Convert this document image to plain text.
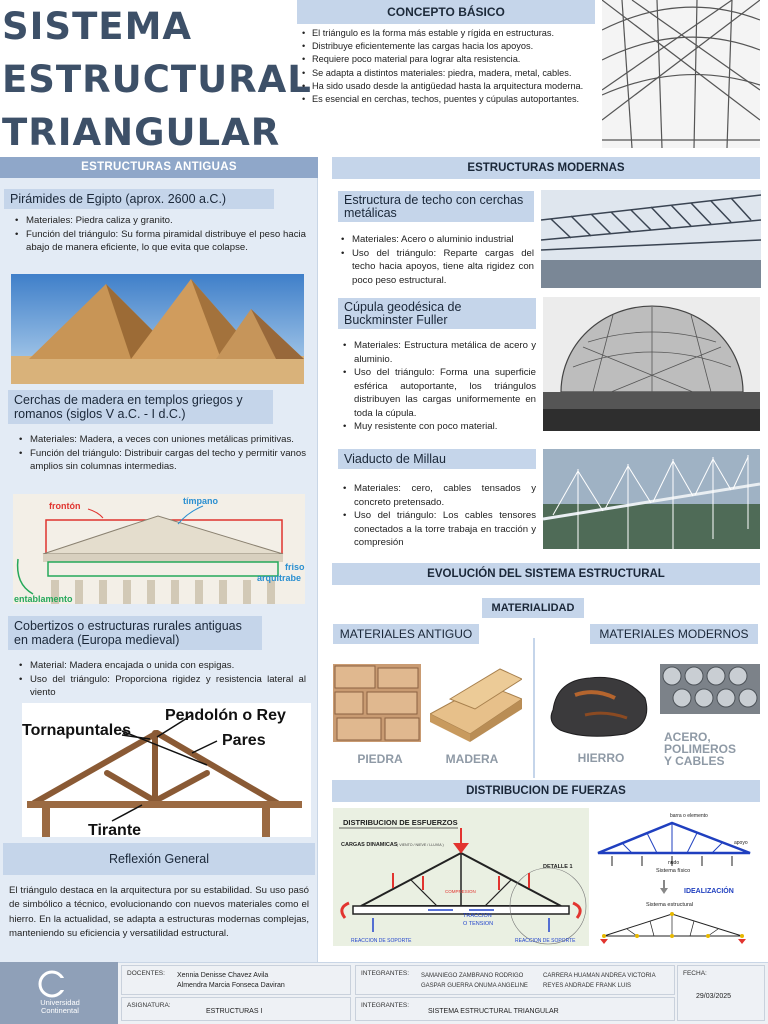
SISTEMA
ESTRUCTURAL
TRIANGULAR
CONCEPTO BÁSICO
• El triángulo es la forma más estable y rígida en estructuras.
• Distribuye eficientemente las cargas hacia los apoyos.
• Requiere poco material para lograr alta resistencia.
• Se adapta a distintos materiales: piedra, madera, metal, cables.
• Ha sido usado desde la antigüedad hasta la arquitectura moderna.
• Es esencial en cerchas, techos, puentes y cúpulas autoportantes.
ESTRUCTURAS ANTIGUAS
Pirámides de Egipto (aprox. 2600 a.C.)
• Materiales: Piedra caliza y granito.
• Función del triángulo: Su forma piramidal distribuye el peso hacia abajo de manera eficiente, lo que evita que colapse.
Cerchas de madera en templos griegos y romanos (siglos V a.C. - I d.C.)
• Materiales: Madera, a veces con uniones metálicas primitivas.
• Función del triángulo: Distribuir cargas del techo y permitir vanos amplios sin columnas intermedias.
frontón	tímpano
friso
arquitrabe
entablamento
Cobertizos o estructuras rurales antiguas en madera (Europa medieval)
• Material: Madera encajada o unida con espigas.
• Uso del triángulo: Proporciona rigidez y resistencia lateral al viento
Pendolón o Rey
Tornapuntales
Pares
Tirante
Reflexión General
El triángulo destaca en la arquitectura por su estabilidad. Su uso pasó de simbólico a técnico, evolucionando con nuevos materiales como el hierro. En la actualidad, se adapta a estructuras modernas complejas, manteniendo su eficiencia y versatilidad estructural.
ESTRUCTURAS MODERNAS
Estructura de techo con cerchas metálicas
• Materiales: Acero o aluminio industrial
• Uso del triángulo: Reparte cargas del techo hacia apoyos, tiene alta rigidez con poco peso estructural.
Cúpula geodésica de Buckminster Fuller
• Materiales: Estructura metálica de acero y aluminio.
• Uso del triángulo: Forma una superficie esférica autoportante, los triángulos distribuyen las cargas uniformemente en toda la cúpula.
• Muy resistente con poco material.
Viaducto de Millau
• Materiales: cero, cables tensados y concreto pretensado.
• Uso del triángulo: Los cables tensores conectados a la torre trabaja en tracción y compresión
EVOLUCIÓN DEL SISTEMA ESTRUCTURAL
MATERIALIDAD
MATERIALES ANTIGUO	MATERIALES MODERNOS
PIEDRA	MADERA	HIERRO
ACERO, POLIMEROS Y CABLES
DISTRIBUCION DE FUERZAS
DISTRIBUCION DE ESFUERZOS
CARGAS DINAMICAS ( VIENTO / NIEVE / LLUVIA )
DETALLE 1
COMPRESION
TRACCION
O TENSION
REACCION DE SOPORTE	REACCION DE SOPORTE
barra o elemento
apoyo
nudo
Sistema físico
IDEALIZACIÓN
Sistema estructural
Universidad
Continental
DOCENTES: Xennia Denisse Chavez Avila
Almendra Marcia Fonseca Daviran
INTEGRANTES: SAMANIEGO ZAMBRANO RODRIGO	CARRERA HUAMAN ANDREA VICTORIA
GASPAR GUERRA ONUMA ANGELINE	REYES ANDRADE FRANK LUIS
FECHA:
29/03/2025
ASIGNATURA:
ESTRUCTURAS I
INTEGRANTES:
SISTEMA ESTRUCTURAL TRIANGULAR
